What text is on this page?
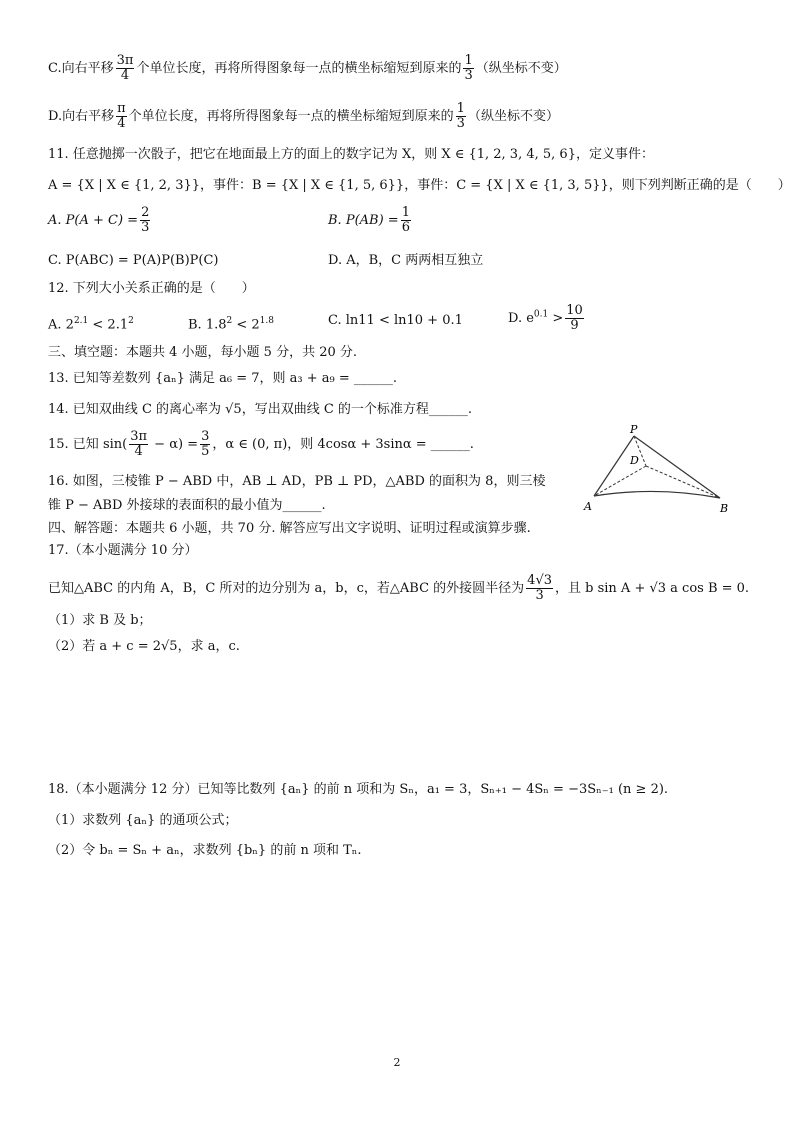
C.向右平移 $\frac{3\pi}{4}$ 个单位长度，再将所得图象每一点的横坐标缩短到原来的 $\frac{1}{3}$ （纵坐标不变）
D.向右平移 $\frac{\pi}{4}$ 个单位长度，再将所得图象每一点的横坐标缩短到原来的 $\frac{1}{3}$ （纵坐标不变）
11. 任意抛掷一次骰子，把它在地面最上方的面上的数字记为 X，则 X ∈ {1, 2, 3, 4, 5, 6}，定义事件：
A = {X | X ∈ {1, 2, 3}}，事件：B = {X | X ∈ {1, 5, 6}}，事件：C = {X | X ∈ {1, 3, 5}}，则下列判断正确的是（　　）
A. $P(A + C) = \frac{2}{3}$	B. $P(AB) = \frac{1}{6}$
C. P(ABC) = P(A)P(B)P(C)	D. A，B，C 两两相互独立
12. 下列大小关系正确的是（　　）
A. $2^{2.1} < 2.1^2$	B. $1.8^2 < 2^{1.8}$	C. ln11 < ln10 + 0.1	D. $e^{0.1} > \frac{10}{9}$
三、填空题：本题共 4 小题，每小题 5 分，共 20 分.
13. 已知等差数列 {aₙ} 满足 a₆ = 7，则 a₃ + a₉ = ______.
14. 已知双曲线 C 的离心率为 √5，写出双曲线 C 的一个标准方程______.
15. 已知 $\sin( \frac{3\pi}{4} - \alpha) = \frac{3}{5}$ ，α ∈ (0, π)，则 4cosα + 3sinα = ______.
16. 如图，三棱锥 P − ABD 中，AB ⊥ AD，PB ⊥ PD，△ABD 的面积为 8，则三棱
锥 P − ABD 外接球的表面积的最小值为______.
P
D
A	B
四、解答题：本题共 6 小题，共 70 分. 解答应写出文字说明、证明过程或演算步骤.
17.（本小题满分 10 分）
已知△ABC 的内角 A，B，C 所对的边分别为 a，b，c，若△ABC 的外接圆半径为 $\frac{4√3}{3}$ ，且 b sin A + √3 a cos B = 0.
（1）求 B 及 b；
（2）若 a + c = 2√5，求 a，c.
18.（本小题满分 12 分）已知等比数列 {aₙ} 的前 n 项和为 Sₙ，a₁ = 3，Sₙ₊₁ − 4Sₙ = −3Sₙ₋₁ (n ≥ 2).
（1）求数列 {aₙ} 的通项公式；
（2）令 bₙ = Sₙ + aₙ，求数列 {bₙ} 的前 n 项和 Tₙ.
2
